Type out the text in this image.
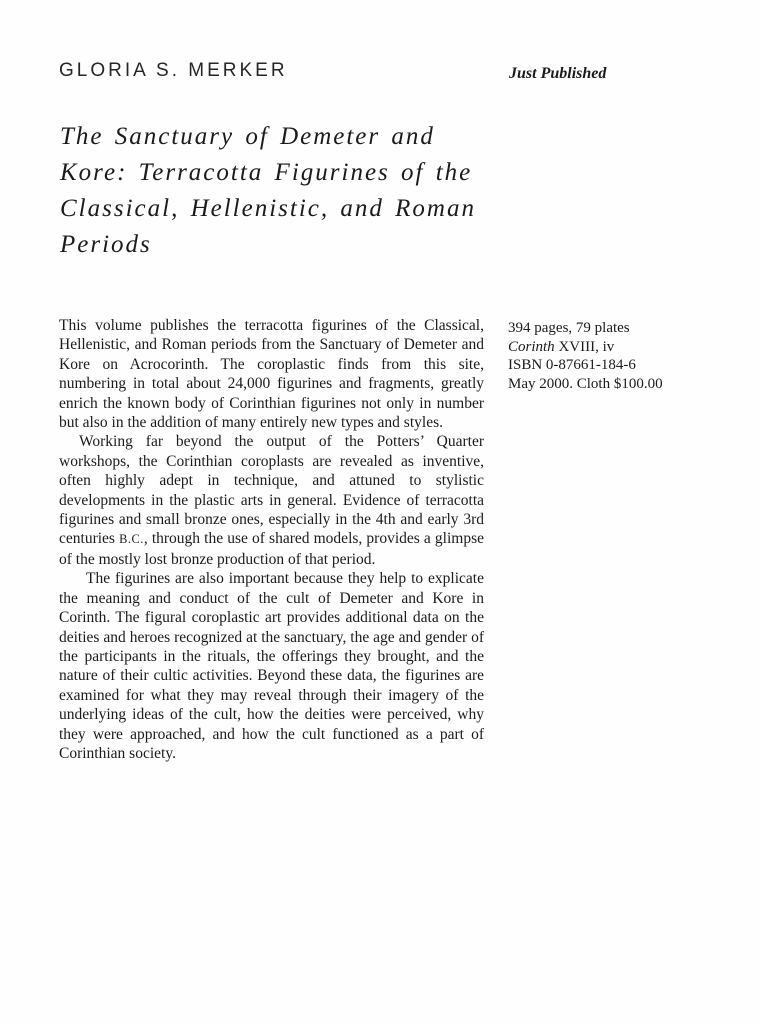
GLORIA S. MERKER	Just Published
The Sanctuary of Demeter and
Kore: Terracotta Figurines of the
Classical, Hellenistic, and Roman
Periods

This volume publishes the terracotta figurines of the Classical, Hellenistic, and Roman periods from the Sanctuary of Demeter and Kore on Acrocorinth. The coroplastic finds from this site, numbering in total about 24,000 figurines and fragments, greatly enrich the known body of Corinthian figurines not only in number but also in the addition of many entirely new types and styles.

Working far beyond the output of the Potters’ Quarter workshops, the Corinthian coroplasts are revealed as inventive, often highly adept in technique, and attuned to stylistic developments in the plastic arts in general. Evidence of terracotta figurines and small bronze ones, especially in the 4th and early 3rd centuries B.C., through the use of shared models, provides a glimpse of the mostly lost bronze production of that period.

The figurines are also important because they help to explicate the meaning and conduct of the cult of Demeter and Kore in Corinth. The figural coroplastic art provides additional data on the deities and heroes recognized at the sanctuary, the age and gender of the participants in the rituals, the offerings they brought, and the nature of their cultic activities. Beyond these data, the figurines are examined for what they may reveal through their imagery of the underlying ideas of the cult, how the deities were perceived, why they were approached, and how the cult functioned as a part of Corinthian society.

394 pages, 79 plates
Corinth XVIII, iv
ISBN 0-87661-184-6
May 2000. Cloth $100.00
